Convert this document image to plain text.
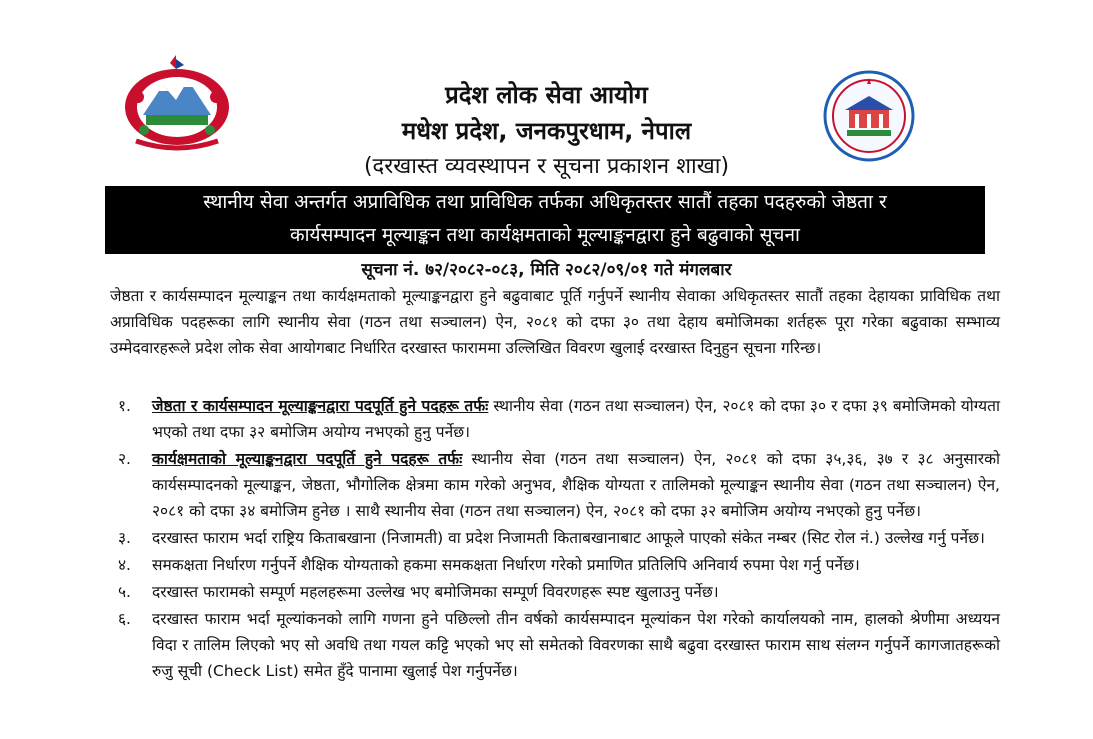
प्रदेश लोक सेवा आयोग
मधेश प्रदेश, जनकपुरधाम, नेपाल
(दरखास्त व्यवस्थापन र सूचना प्रकाशन शाखा)
स्थानीय सेवा अन्तर्गत अप्राविधिक तथा प्राविधिक तर्फका अधिकृतस्तर सातौं तहका पदहरुको जेष्ठता र
कार्यसम्पादन मूल्याङ्कन तथा कार्यक्षमताको मूल्याङ्कनद्वारा हुने बढुवाको सूचना
सूचना नं. ७२/२०८२-०८३, मिति २०८२/०९/०१ गते मंगलबार
जेष्ठता र कार्यसम्पादन मूल्याङ्कन तथा कार्यक्षमताको मूल्याङ्कनद्वारा हुने बढुवाबाट पूर्ति गर्नुपर्ने स्थानीय सेवाका अधिकृतस्तर सातौं तहका देहायका प्राविधिक तथा अप्राविधिक पदहरूका लागि स्थानीय सेवा (गठन तथा सञ्चालन) ऐन, २०८१ को दफा ३० तथा देहाय बमोजिमका शर्तहरू पूरा गरेका बढुवाका सम्भाव्य उम्मेदवारहरूले प्रदेश लोक सेवा आयोगबाट निर्धारित दरखास्त फाराममा उल्लिखित विवरण खुलाई दरखास्त दिनुहुन सूचना गरिन्छ।
१. जेष्ठता र कार्यसम्पादन मूल्याङ्कनद्वारा पदपूर्ति हुने पदहरू तर्फः स्थानीय सेवा (गठन तथा सञ्चालन) ऐन, २०८१ को दफा ३० र दफा ३९ बमोजिमको योग्यता भएको तथा दफा ३२ बमोजिम अयोग्य नभएको हुनु पर्नेछ।
२. कार्यक्षमताको मूल्याङ्कनद्वारा पदपूर्ति हुने पदहरू तर्फः स्थानीय सेवा (गठन तथा सञ्चालन) ऐन, २०८१ को दफा ३५,३६, ३७ र ३८ अनुसारको कार्यसम्पादनको मूल्याङ्कन, जेष्ठता, भौगोलिक क्षेत्रमा काम गरेको अनुभव, शैक्षिक योग्यता र तालिमको मूल्याङ्कन स्थानीय सेवा (गठन तथा सञ्चालन) ऐन, २०८१ को दफा ३४ बमोजिम हुनेछ । साथै स्थानीय सेवा (गठन तथा सञ्चालन) ऐन, २०८१ को दफा ३२ बमोजिम अयोग्य नभएको हुनु पर्नेछ।
३. दरखास्त फाराम भर्दा राष्ट्रिय किताबखाना (निजामती) वा प्रदेश निजामती किताबखानाबाट आफूले पाएको संकेत नम्बर (सिट रोल नं.) उल्लेख गर्नु पर्नेछ।
४. समकक्षता निर्धारण गर्नुपर्ने शैक्षिक योग्यताको हकमा समकक्षता निर्धारण गरेको प्रमाणित प्रतिलिपि अनिवार्य रुपमा पेश गर्नु पर्नेछ।
५. दरखास्त फारामको सम्पूर्ण महलहरूमा उल्लेख भए बमोजिमका सम्पूर्ण विवरणहरू स्पष्ट खुलाउनु पर्नेछ।
६. दरखास्त फाराम भर्दा मूल्यांकनको लागि गणना हुने पछिल्लो तीन वर्षको कार्यसम्पादन मूल्यांकन पेश गरेको कार्यालयको नाम, हालको श्रेणीमा अध्ययन विदा र तालिम लिएको भए सो अवधि तथा गयल कट्टि भएको भए सो समेतको विवरणका साथै बढुवा दरखास्त फाराम साथ संलग्न गर्नुपर्ने कागजातहरूको रुजु सूची (Check List) समेत हुँदे पानामा खुलाई पेश गर्नुपर्नेछ।
